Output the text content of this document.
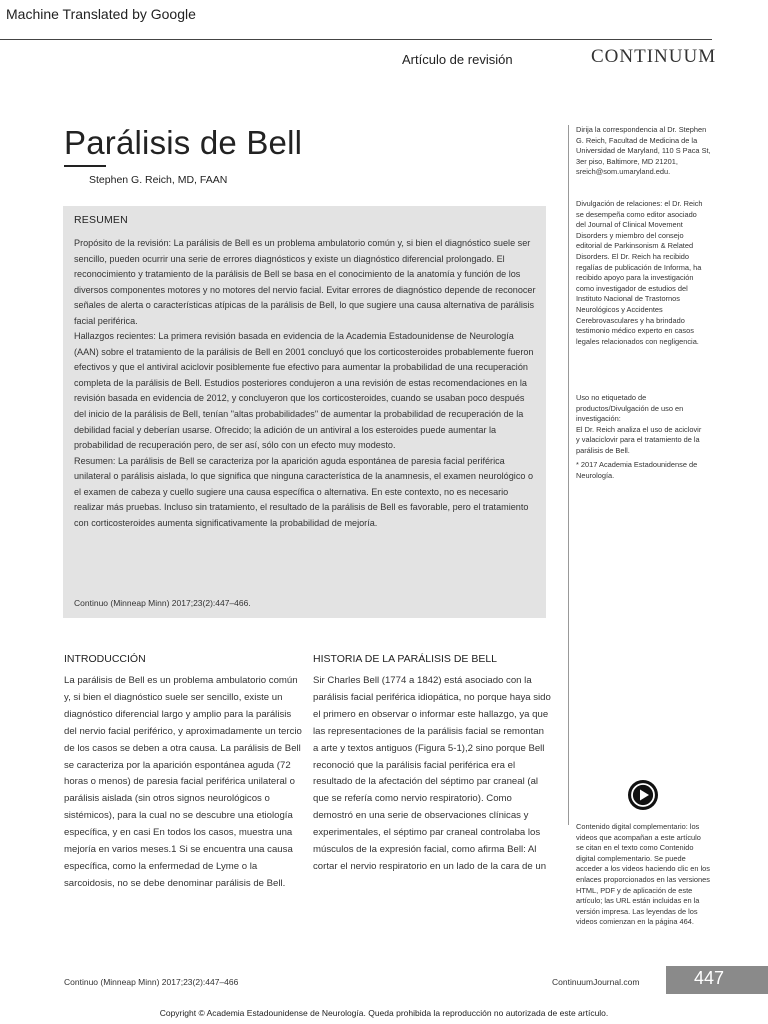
Machine Translated by Google
Artículo de revisión	CONTINUUM
Parálisis de Bell
Stephen G. Reich, MD, FAAN
RESUMEN

Propósito de la revisión: La parálisis de Bell es un problema ambulatorio común y, si bien el diagnóstico suele ser sencillo, pueden ocurrir una serie de errores diagnósticos y existe un diagnóstico diferencial prolongado. El reconocimiento y tratamiento de la parálisis de Bell se basa en el conocimiento de la anatomía y función de los diversos componentes motores y no motores del nervio facial. Evitar errores de diagnóstico depende de reconocer señales de alerta o características atípicas de la parálisis de Bell, lo que sugiere una causa alternativa de parálisis facial periférica.

Hallazgos recientes: La primera revisión basada en evidencia de la Academia Estadounidense de Neurología (AAN) sobre el tratamiento de la parálisis de Bell en 2001 concluyó que los corticosteroides probablemente fueron efectivos y que el antiviral aciclovir posiblemente fue efectivo para aumentar la probabilidad de una recuperación completa de la parálisis de Bell. Estudios posteriores condujeron a una revisión de estas recomendaciones en la revisión basada en evidencia de 2012, y concluyeron que los corticosteroides, cuando se usaban poco después del inicio de la parálisis de Bell, tenían "altas probabilidades" de aumentar la probabilidad de recuperación de la debilidad facial y deberían usarse. Ofrecido; la adición de un antiviral a los esteroides puede aumentar la probabilidad de recuperación pero, de ser así, sólo con un efecto muy modesto.

Resumen: La parálisis de Bell se caracteriza por la aparición aguda espontánea de paresia facial periférica unilateral o parálisis aislada, lo que significa que ninguna característica de la anamnesis, el examen neurológico o el examen de cabeza y cuello sugiere una causa específica o alternativa. En este contexto, no es necesario realizar más pruebas. Incluso sin tratamiento, el resultado de la parálisis de Bell es favorable, pero el tratamiento con corticosteroides aumenta significativamente la probabilidad de mejoría.

Continuo (Minneap Minn) 2017;23(2):447–466.

Dirija la correspondencia al Dr. Stephen G. Reich, Facultad de Medicina de la Universidad de Maryland, 110 S Paca St, 3er piso, Baltimore, MD 21201, sreich@som.umaryland.edu.

Divulgación de relaciones: el Dr. Reich se desempeña como editor asociado del Journal of Clinical Movement Disorders y miembro del consejo editorial de Parkinsonism & Related Disorders. El Dr. Reich ha recibido regalías de publicación de Informa, ha recibido apoyo para la investigación como investigador de estudios del Instituto Nacional de Trastornos Neurológicos y Accidentes Cerebrovasculares y ha brindado testimonio médico experto en casos legales relacionados con negligencia.

Uso no etiquetado de productos/Divulgación de uso en investigación:

El Dr. Reich analiza el uso de aciclovir y valaciclovir para el tratamiento de la parálisis de Bell.

* 2017 Academia Estadounidense de Neurología.

Contenido digital complementario: los videos que acompañan a este artículo se citan en el texto como Contenido digital complementario. Se puede acceder a los videos haciendo clic en los enlaces proporcionados en las versiones HTML, PDF y de aplicación de este artículo; las URL están incluidas en la versión impresa. Las leyendas de los videos comienzan en la página 464.

INTRODUCCIÓN

La parálisis de Bell es un problema ambulatorio común y, si bien el diagnóstico suele ser sencillo, existe un diagnóstico diferencial largo y amplio para la parálisis del nervio facial periférico, y aproximadamente un tercio de los casos se deben a otra causa. La parálisis de Bell se caracteriza por la aparición espontánea aguda (72 horas o menos) de paresia facial periférica unilateral o parálisis aislada (sin otros signos neurológicos o sistémicos), para la cual no se descubre una etiología específica, y en casi En todos los casos, muestra una mejoría en varios meses.1 Si se encuentra una causa específica, como la enfermedad de Lyme o la sarcoidosis, no se debe denominar parálisis de Bell.

HISTORIA DE LA PARÁLISIS DE BELL

Sir Charles Bell (1774 a 1842) está asociado con la parálisis facial periférica idiopática, no porque haya sido el primero en observar o informar este hallazgo, ya que las representaciones de la parálisis facial se remontan a arte y textos antiguos (Figura 5-1),2 sino porque Bell reconoció que la parálisis facial periférica era el resultado de la afectación del séptimo par craneal (al que se refería como nervio respiratorio). Como demostró en una serie de observaciones clínicas y experimentales, el séptimo par craneal controlaba los músculos de la expresión facial, como afirma Bell: Al cortar el nervio respiratorio en un lado de la cara de un

Continuo (Minneap Minn) 2017;23(2):447–466	ContinuumJournal.com	447
Copyright © Academia Estadounidense de Neurología. Queda prohibida la reproducción no autorizada de este artículo.
